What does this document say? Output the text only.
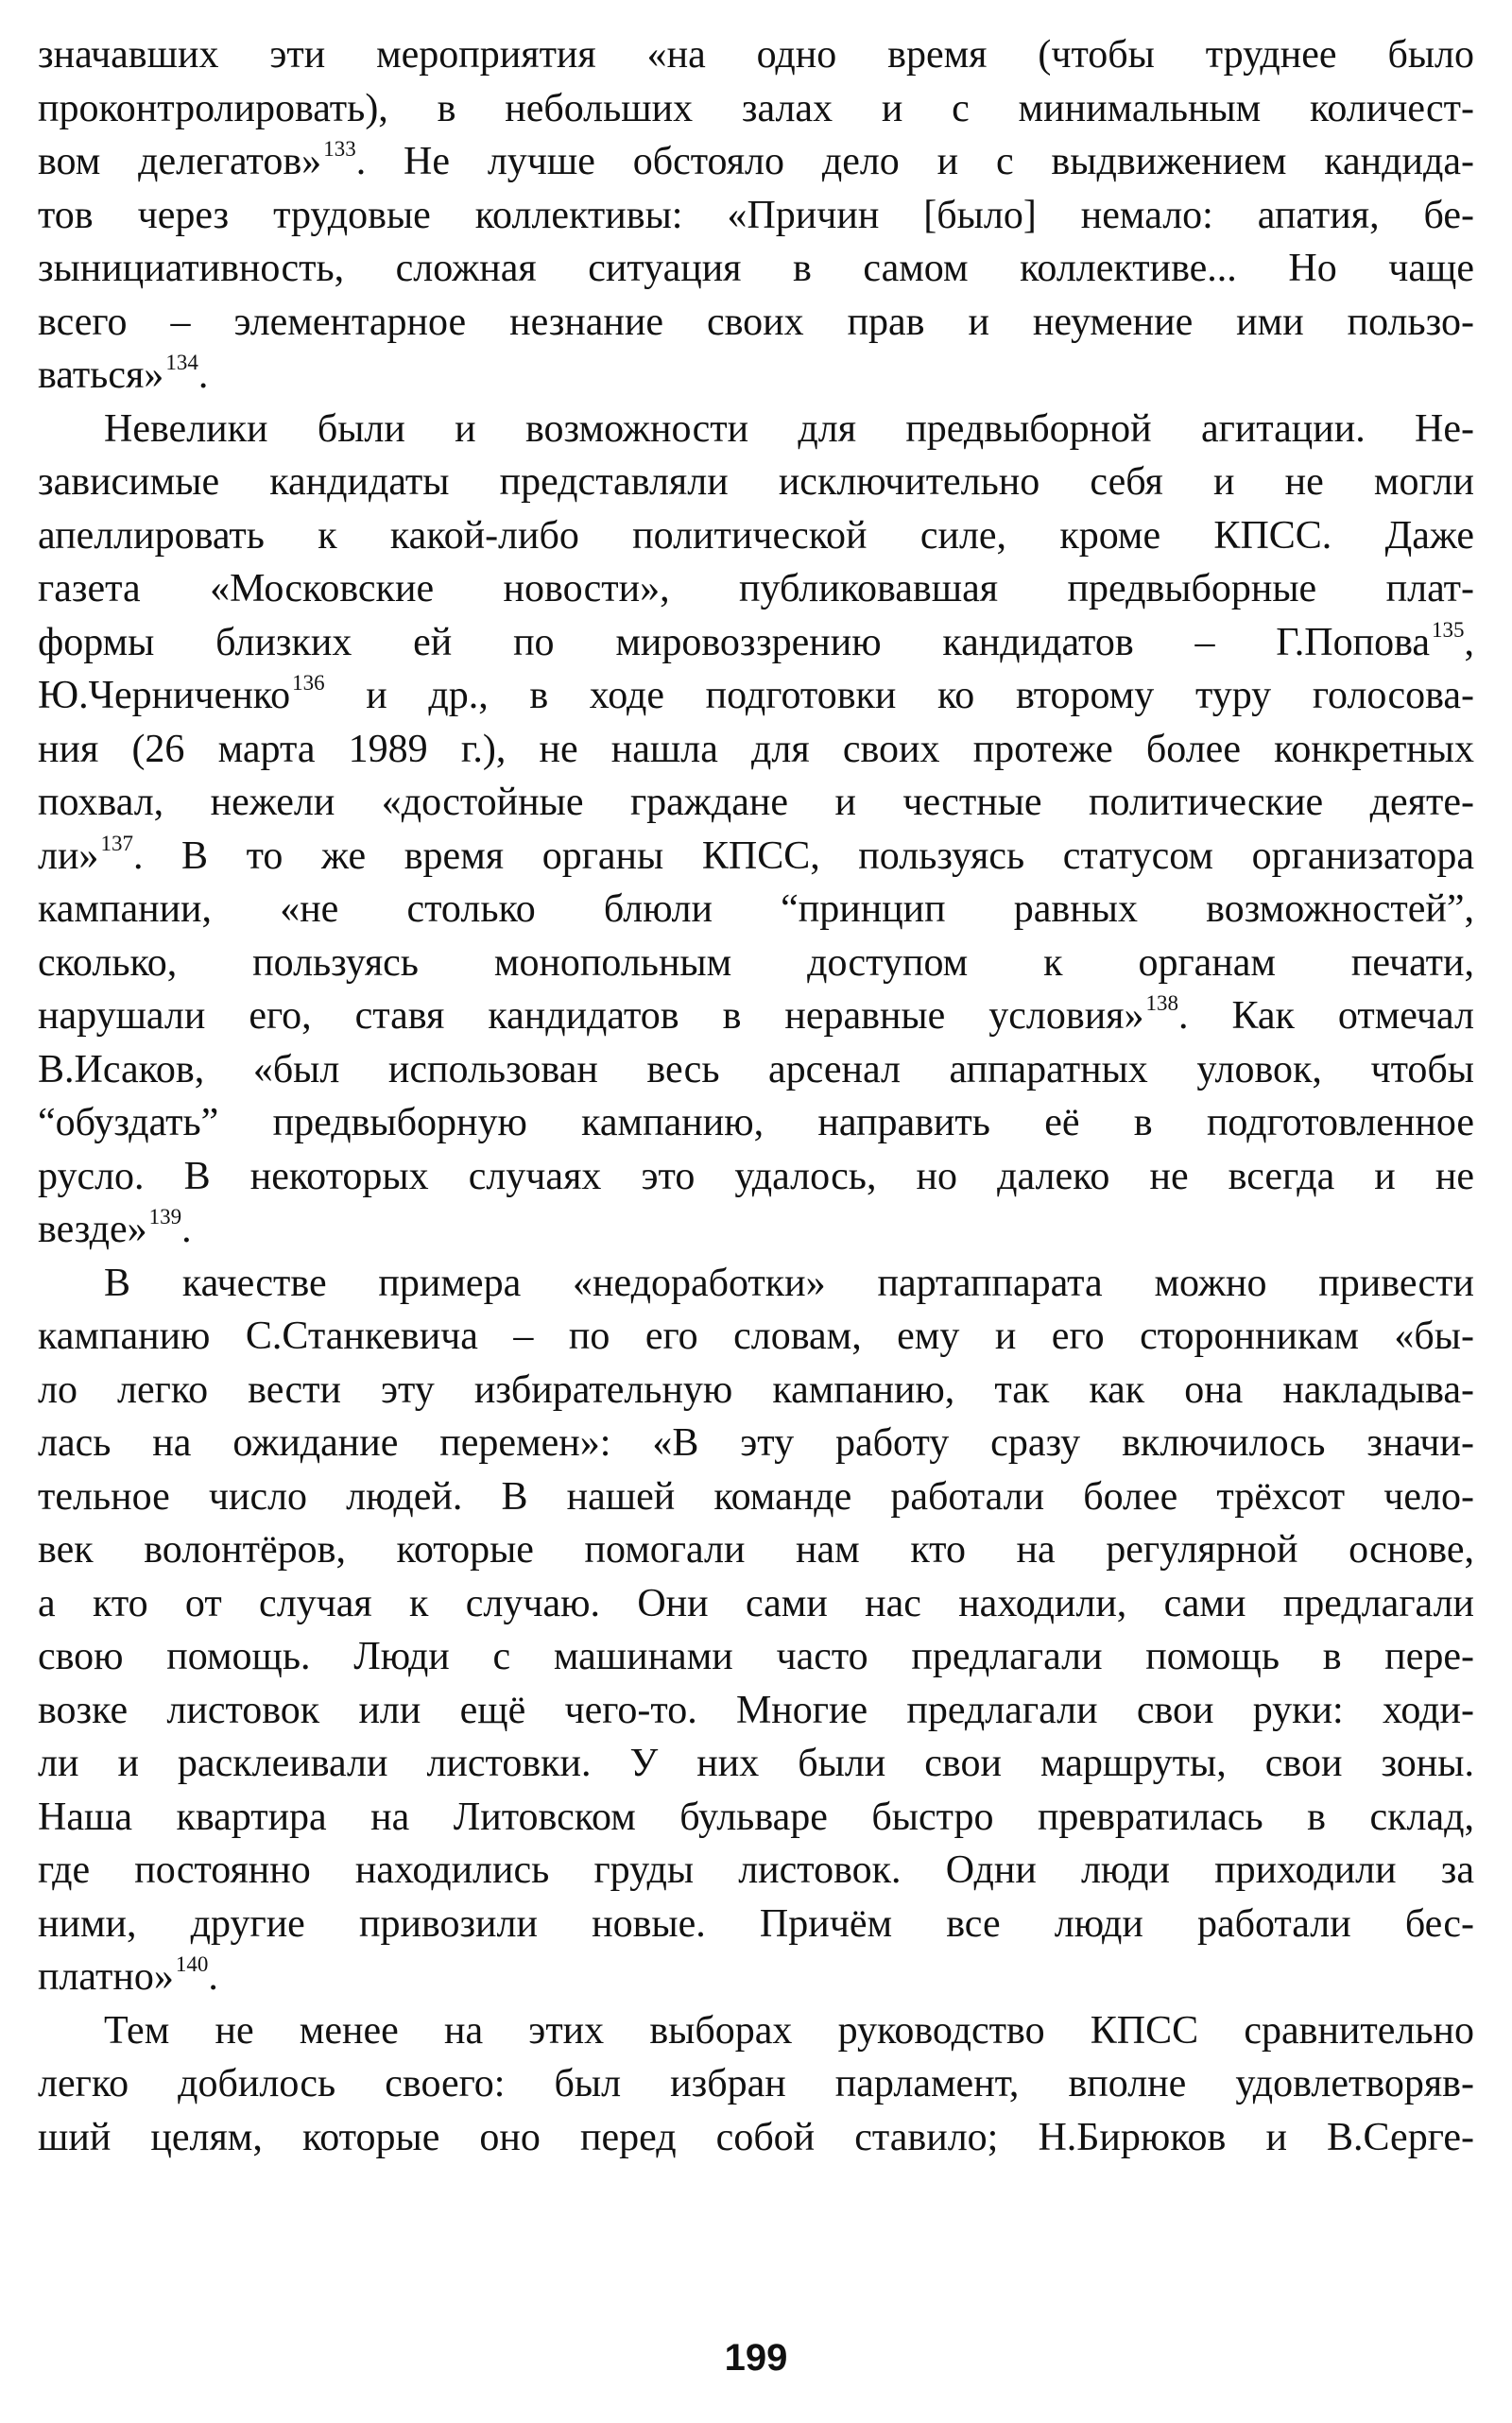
значавших эти мероприятия «на одно время (чтобы труднее было
проконтролировать), в небольших залах и с минимальным количест-
вом делегатов»$^{133}$. Не лучше обстояло дело и с выдвижением кандида-
тов через трудовые коллективы: «Причин [было] немало: апатия, бе-
зынициативность, сложная ситуация в самом коллективе... Но чаще
всего – элементарное незнание своих прав и неумение ими пользо-
ваться»$^{134}$.

Невелики были и возможности для предвыборной агитации. Не-
зависимые кандидаты представляли исключительно себя и не могли
апеллировать к какой-либо политической силе, кроме КПСС. Даже
газета «Московские новости», публиковавшая предвыборные плат-
формы близких ей по мировоззрению кандидатов – Г.Попова$^{135}$,
Ю.Черниченко$^{136}$ и др., в ходе подготовки ко второму туру голосова-
ния (26 марта 1989 г.), не нашла для своих протеже более конкретных
похвал, нежели «достойные граждане и честные политические деяте-
ли»$^{137}$. В то же время органы КПСС, пользуясь статусом организатора
кампании, «не столько блюли “принцип равных возможностей”,
сколько, пользуясь монопольным доступом к органам печати,
нарушали его, ставя кандидатов в неравные условия»$^{138}$. Как отмечал
В.Исаков, «был использован весь арсенал аппаратных уловок, чтобы
“обуздать” предвыборную кампанию, направить её в подготовленное
русло. В некоторых случаях это удалось, но далеко не всегда и не
везде»$^{139}$.

В качестве примера «недоработки» партаппарата можно привести
кампанию С.Станкевича – по его словам, ему и его сторонникам «бы-
ло легко вести эту избирательную кампанию, так как она накладыва-
лась на ожидание перемен»: «В эту работу сразу включилось значи-
тельное число людей. В нашей команде работали более трёхсот чело-
век волонтёров, которые помогали нам кто на регулярной основе,
а кто от случая к случаю. Они сами нас находили, сами предлагали
свою помощь. Люди с машинами часто предлагали помощь в пере-
возке листовок или ещё чего-то. Многие предлагали свои руки: ходи-
ли и расклеивали листовки. У них были свои маршруты, свои зоны.
Наша квартира на Литовском бульваре быстро превратилась в склад,
где постоянно находились груды листовок. Одни люди приходили за
ними, другие привозили новые. Причём все люди работали бес-
платно»$^{140}$.

Тем не менее на этих выборах руководство КПСС сравнительно
легко добилось своего: был избран парламент, вполне удовлетворяв-
ший целям, которые оно перед собой ставило; Н.Бирюков и В.Серге-

199
